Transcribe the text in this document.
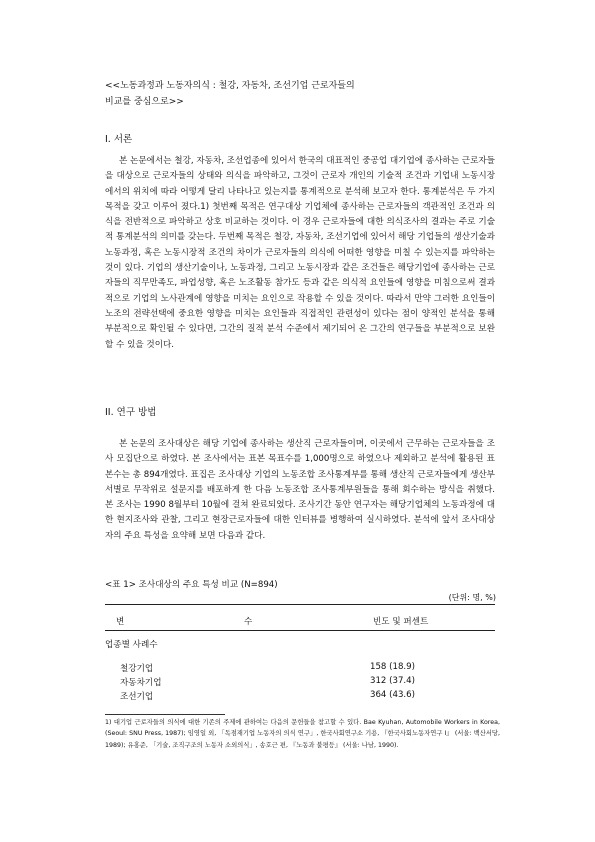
<<노동과정과 노동자의식 : 철강, 자동차, 조선기업 근로자들의
비교를 중심으로>>
I. 서론

본 논문에서는 철강, 자동차, 조선업종에 있어서 한국의 대표적인 중공업 대기업에 종사하는 근로자들을 대상으로 근로자들의 상태와 의식을 파악하고, 그것이 근로자 개인의 기술적 조건과 기업내 노동시장에서의 위치에 따라 어떻게 달리 나타나고 있는지를 통계적으로 분석해 보고자 한다. 통계분석은 두 가지 목적을 갖고 이루어 졌다.1) 첫번째 목적은 연구대상 기업체에 종사하는 근로자들의 객관적인 조건과 의식을 전반적으로 파악하고 상호 비교하는 것이다. 이 경우 근로자들에 대한 의식조사의 결과는 주로 기술적 통계분석의 의미를 갖는다. 두번째 목적은 철강, 자동차, 조선기업에 있어서 해당 기업들의 생산기술과 노동과정, 혹은 노동시장적 조건의 차이가 근로자들의 의식에 어떠한 영향을 미칠 수 있는지를 파악하는 것이 있다. 기업의 생산기술이나, 노동과정, 그리고 노동시장과 같은 조건들은 해당기업에 종사하는 근로자들의 직무만족도, 파업성향, 혹은 노조활동 참가도 등과 같은 의식적 요인들에 영향을 미침으로써 결과적으로 기업의 노사관계에 영향을 미치는 요인으로 작용할 수 있을 것이다. 따라서 만약 그러한 요인들이 노조의 전략선택에 중요한 영향을 미치는 요인들과 직접적인 관련성이 있다는 점이 양적인 분석을 통해 부분적으로 확인될 수 있다면, 그간의 질적 분석 수준에서 제기되어 온 그간의 연구들을 부분적으로 보완할 수 있을 것이다.

II. 연구 방법

본 논문의 조사대상은 해당 기업에 종사하는 생산직 근로자들이며, 이곳에서 근무하는 근로자들을 조사 모집단으로 하였다. 본 조사에서는 표본 목표수를 1,000명으로 하였으나 제외하고 분석에 활용된 표본수는 총 894개였다. 표집은 조사대상 기업의 노동조합 조사통계부를 통해 생산직 근로자들에게 생산부서별로 무작위로 설문지를 배포하게 한 다음 노동조합 조사통계부원들을 통해 회수하는 방식을 취했다. 본 조사는 1990 8월부터 10월에 걸쳐 완료되었다. 조사기간 동안 연구자는 해당기업체의 노동과정에 대한 현지조사와 관찰, 그리고 현장근로자들에 대한 인터뷰를 병행하여 실시하였다. 분석에 앞서 조사대상자의 주요 특성을 요약해 보면 다음과 같다.

<표 1> 조사대상의 주요 특성 비교 (N=894)
(단위: 명, %)
변	수	빈도 및 퍼센트
업종별 사례수
철강기업	158 (18.9)
자동차기업	312 (37.4)
조선기업	364 (43.6)

1) 대기업 근로자들의 의식에 대한 기존의 주제에 관하여는 다음의 문헌들을 참고할 수 있다. Bae Kyuhan, Automobile Workers in Korea, (Seoul: SNU Press, 1987); 임영일 외, 「독점재기업 노동자의 의식 연구」, 한국사회연구소 기용, 『한국사회노동자연구 I』 (서울: 백산서당, 1989); 유홍준, 「기술, 조직구조의 노동자 소외의식」, 송호근 편, 『노동과 불평등』 (서울: 나남, 1990).
